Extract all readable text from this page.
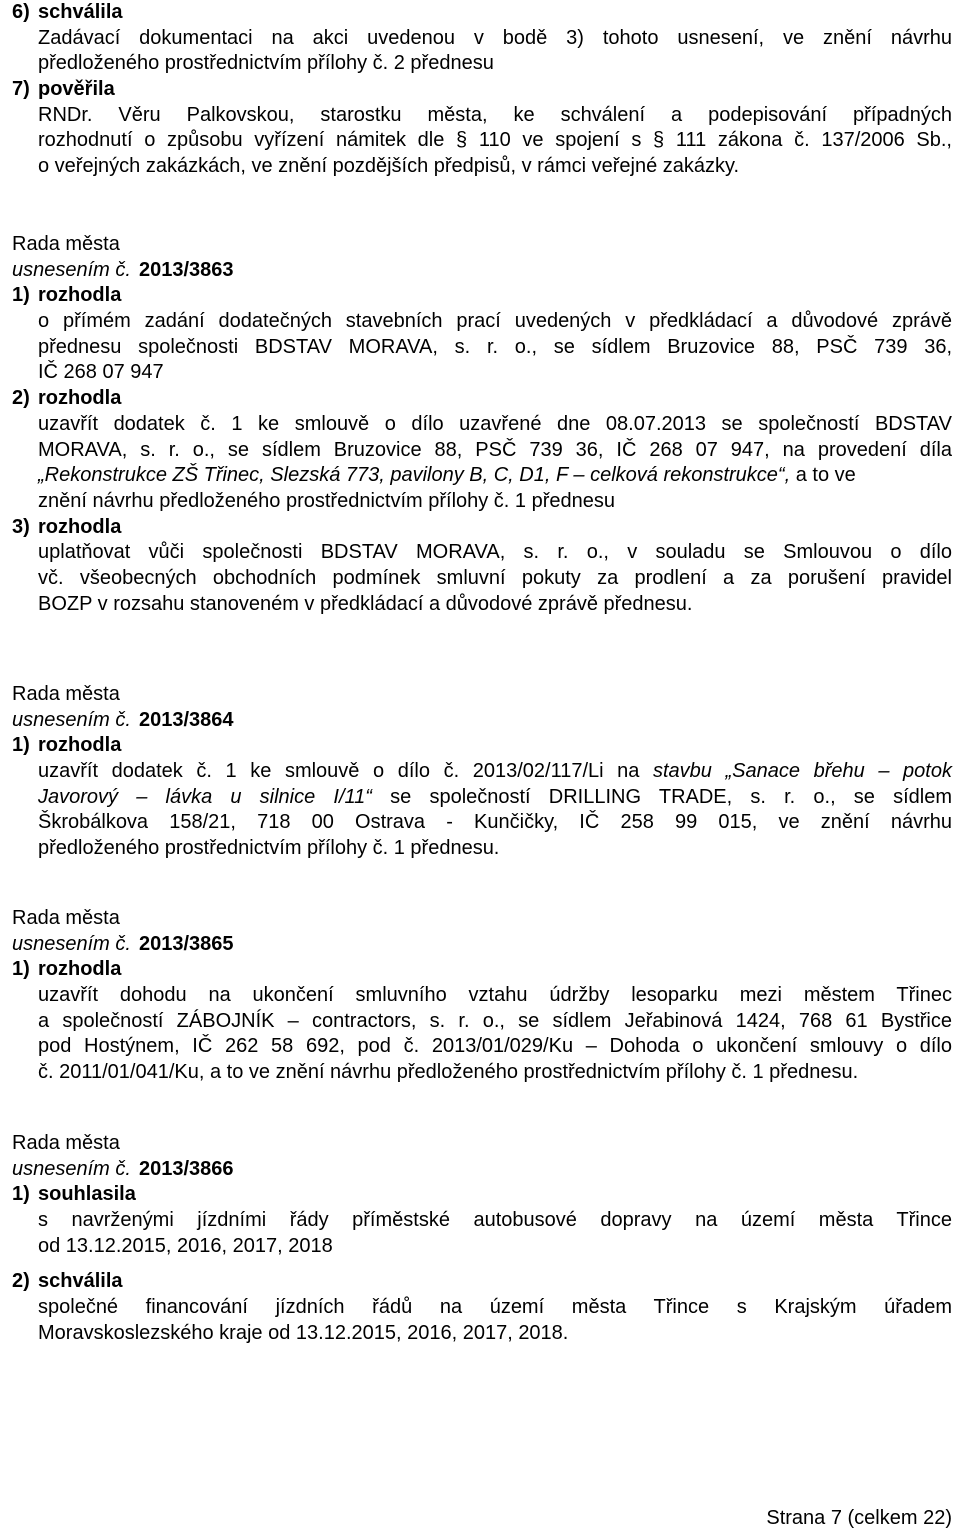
6) schválila
Zadávací dokumentaci na akci uvedenou v bodě 3) tohoto usnesení, ve znění návrhu
předloženého prostřednictvím přílohy č. 2 přednesu
7) pověřila
RNDr. Věru Palkovskou, starostku města, ke schválení a podepisování případných
rozhodnutí o způsobu vyřízení námitek dle § 110 ve spojení s § 111 zákona č. 137/2006 Sb.,
o veřejných zakázkách, ve znění pozdějších předpisů, v rámci veřejné zakázky.
Rada města
usnesením č. 2013/3863
1) rozhodla
o přímém zadání dodatečných stavebních prací uvedených v předkládací a důvodové zprávě
přednesu společnosti BDSTAV MORAVA, s. r. o., se sídlem Bruzovice 88, PSČ 739 36,
IČ 268 07 947
2) rozhodla
uzavřít dodatek č. 1 ke smlouvě o dílo uzavřené dne 08.07.2013 se společností BDSTAV
MORAVA, s. r. o., se sídlem Bruzovice 88, PSČ 739 36, IČ 268 07 947, na provedení díla
„Rekonstrukce ZŠ Třinec, Slezská 773, pavilony B, C, D1, F – celková rekonstrukce“, a to ve
znění návrhu předloženého prostřednictvím přílohy č. 1 přednesu
3) rozhodla
uplatňovat vůči společnosti BDSTAV MORAVA, s. r. o., v souladu se Smlouvou o dílo
vč. všeobecných obchodních podmínek smluvní pokuty za prodlení a za porušení pravidel
BOZP v rozsahu stanoveném v předkládací a důvodové zprávě přednesu.
Rada města
usnesením č. 2013/3864
1) rozhodla
uzavřít dodatek č. 1 ke smlouvě o dílo č. 2013/02/117/Li na stavbu „Sanace břehu – potok
Javorový – lávka u silnice I/11“ se společností DRILLING TRADE, s. r. o., se sídlem
Škrobálkova 158/21, 718 00 Ostrava - Kunčičky, IČ 258 99 015, ve znění návrhu
předloženého prostřednictvím přílohy č. 1 přednesu.
Rada města
usnesením č. 2013/3865
1) rozhodla
uzavřít dohodu na ukončení smluvního vztahu údržby lesoparku mezi městem Třinec
a společností ZÁBOJNÍK – contractors, s. r. o., se sídlem Jeřabinová 1424, 768 61 Bystřice
pod Hostýnem, IČ 262 58 692, pod č. 2013/01/029/Ku – Dohoda o ukončení smlouvy o dílo
č. 2011/01/041/Ku, a to ve znění návrhu předloženého prostřednictvím přílohy č. 1 přednesu.
Rada města
usnesením č. 2013/3866
1) souhlasila
s navrženými jízdními řády příměstské autobusové dopravy na území města Třince
od 13.12.2015, 2016, 2017, 2018
2) schválila
společné financování jízdních řádů na území města Třince s Krajským úřadem
Moravskoslezského kraje od 13.12.2015, 2016, 2017, 2018.
Strana 7 (celkem 22)
